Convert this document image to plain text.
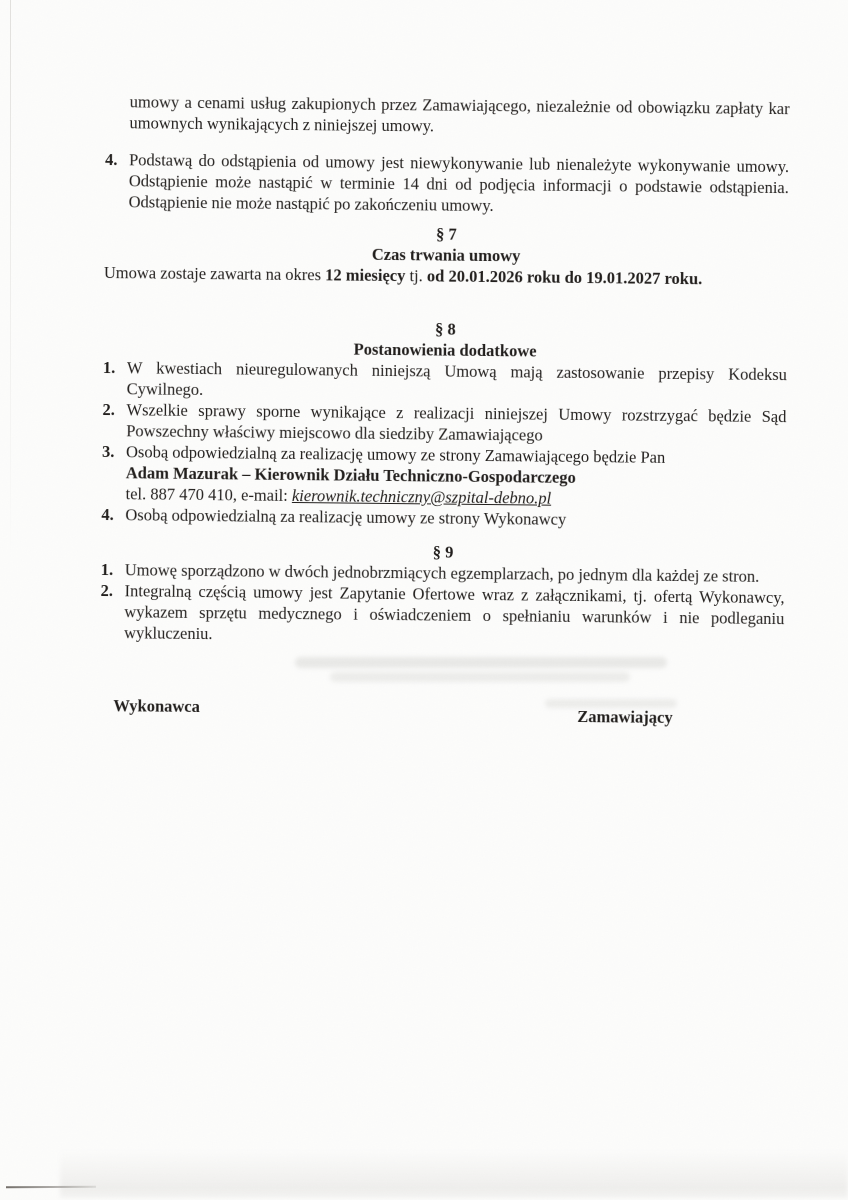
umowy a cenami usług zakupionych przez Zamawiającego, niezależnie od obowiązku zapłaty kar umownych wynikających z niniejszej umowy.

4. Podstawą do odstąpienia od umowy jest niewykonywanie lub nienależyte wykonywanie umowy. Odstąpienie może nastąpić w terminie 14 dni od podjęcia informacji o podstawie odstąpienia. Odstąpienie nie może nastąpić po zakończeniu umowy.

§ 7

Czas trwania umowy

Umowa zostaje zawarta na okres 12 miesięcy tj. od 20.01.2026 roku do 19.01.2027 roku.

§ 8

Postanowienia dodatkowe

1. W kwestiach nieuregulowanych niniejszą Umową mają zastosowanie przepisy Kodeksu Cywilnego.
2. Wszelkie sprawy sporne wynikające z realizacji niniejszej Umowy rozstrzygać będzie Sąd Powszechny właściwy miejscowo dla siedziby Zamawiającego
3. Osobą odpowiedzialną za realizację umowy ze strony Zamawiającego będzie Pan
Adam Mazurak – Kierownik Działu Techniczno-Gospodarczego
tel. 887 470 410, e-mail: kierownik.techniczny@szpital-debno.pl
4. Osobą odpowiedzialną za realizację umowy ze strony Wykonawcy

§ 9

1. Umowę sporządzono w dwóch jednobrzmiących egzemplarzach, po jednym dla każdej ze stron.
2. Integralną częścią umowy jest Zapytanie Ofertowe wraz z załącznikami, tj. ofertą Wykonawcy, wykazem sprzętu medycznego i oświadczeniem o spełnianiu warunków i nie podleganiu wykluczeniu.
Wykonawca
Zamawiający
